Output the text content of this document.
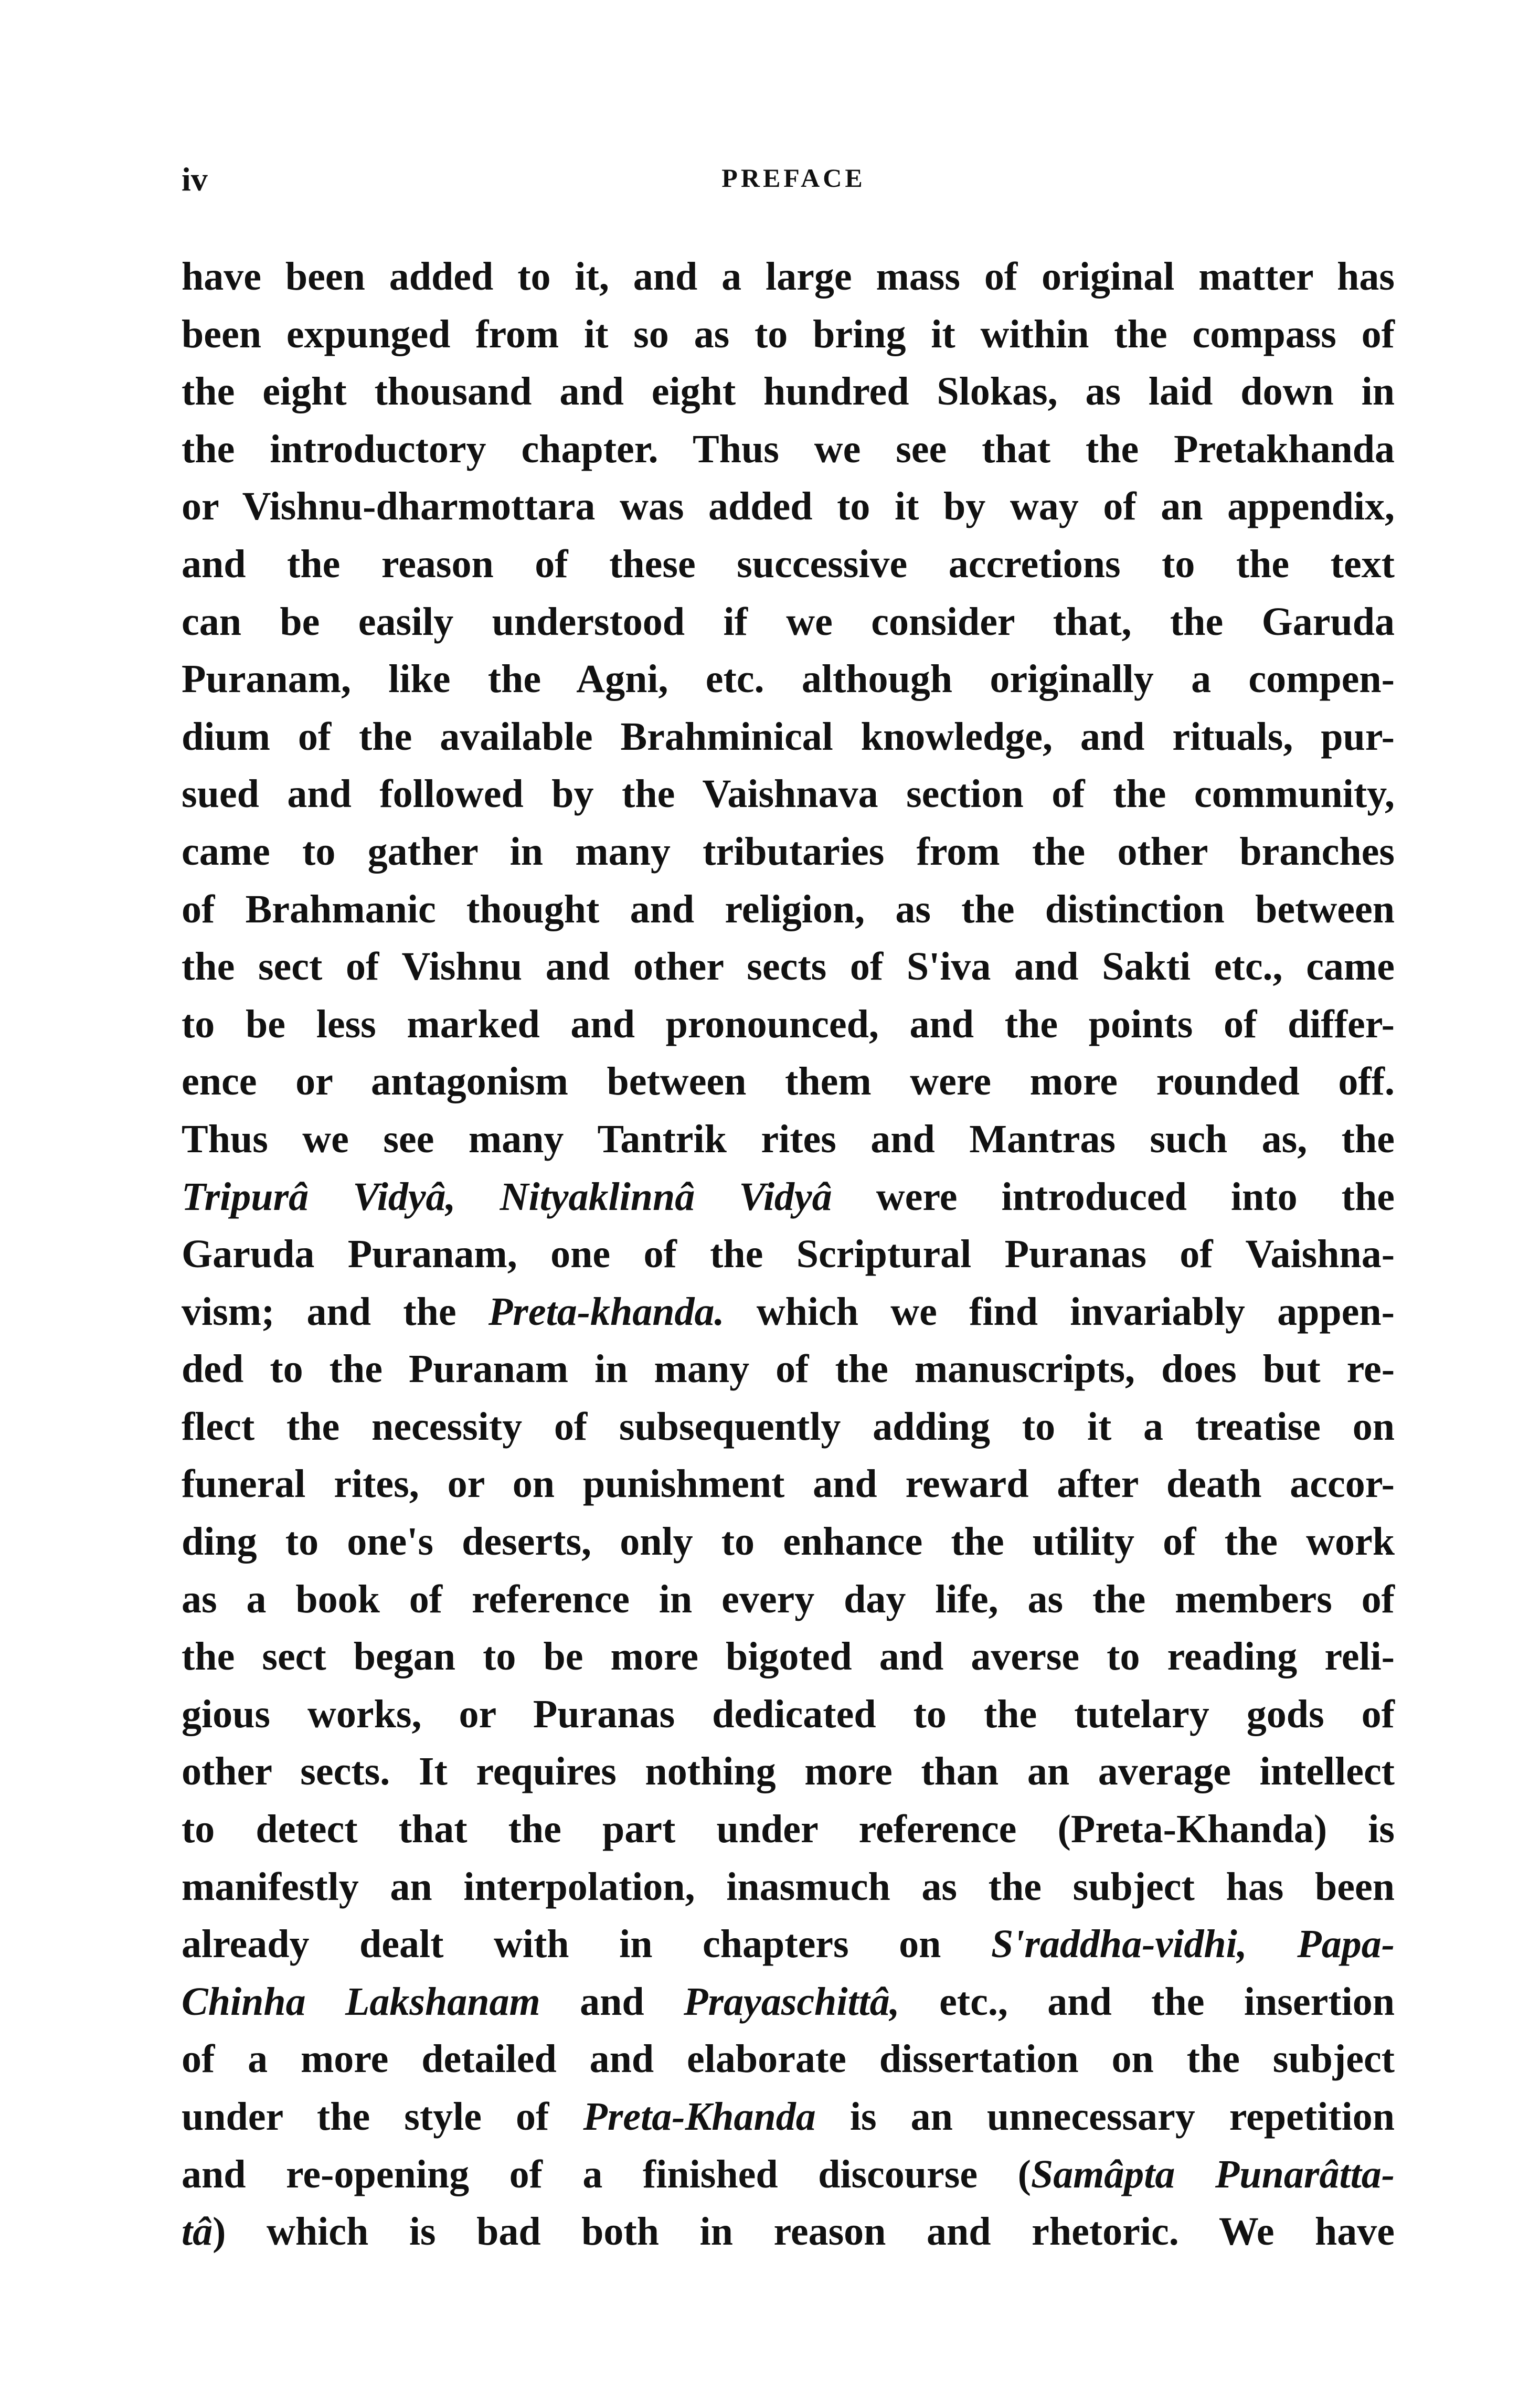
iv	PREFACE
have been added to it, and a large mass of original matter has
been expunged from it so as to bring it within the compass of
the eight thousand and eight hundred Slokas, as laid down in
the introductory chapter. Thus we see that the Pretakhanda
or Vishnu-dharmottara was added to it by way of an appendix,
and the reason of these successive accretions to the text
can be easily understood if we consider that, the Garuda
Puranam, like the Agni, etc. although originally a compen-
dium of the available Brahminical knowledge, and rituals, pur-
sued and followed by the Vaishnava section of the community,
came to gather in many tributaries from the other branches
of Brahmanic thought and religion, as the distinction between
the sect of Vishnu and other sects of S'iva and Sakti etc., came
to be less marked and pronounced, and the points of differ-
ence or antagonism between them were more rounded off.
Thus we see many Tantrik rites and Mantras such as, the
Tripurâ Vidyâ, Nityaklinnâ Vidyâ were introduced into the
Garuda Puranam, one of the Scriptural Puranas of Vaishna-
vism; and the Preta-khanda. which we find invariably appen-
ded to the Puranam in many of the manuscripts, does but re-
flect the necessity of subsequently adding to it a treatise on
funeral rites, or on punishment and reward after death accor-
ding to one's deserts, only to enhance the utility of the work
as a book of reference in every day life, as the members of
the sect began to be more bigoted and averse to reading reli-
gious works, or Puranas dedicated to the tutelary gods of
other sects. It requires nothing more than an average intellect
to detect that the part under reference (Preta-Khanda) is
manifestly an interpolation, inasmuch as the subject has been
already dealt with in chapters on S'raddha-vidhi, Papa-
Chinha Lakshanam and Prayaschittâ, etc., and the insertion
of a more detailed and elaborate dissertation on the subject
under the style of Preta-Khanda is an unnecessary repetition
and re-opening of a finished discourse (Samâpta Punarâtta-
tâ) which is bad both in reason and rhetoric. We have
